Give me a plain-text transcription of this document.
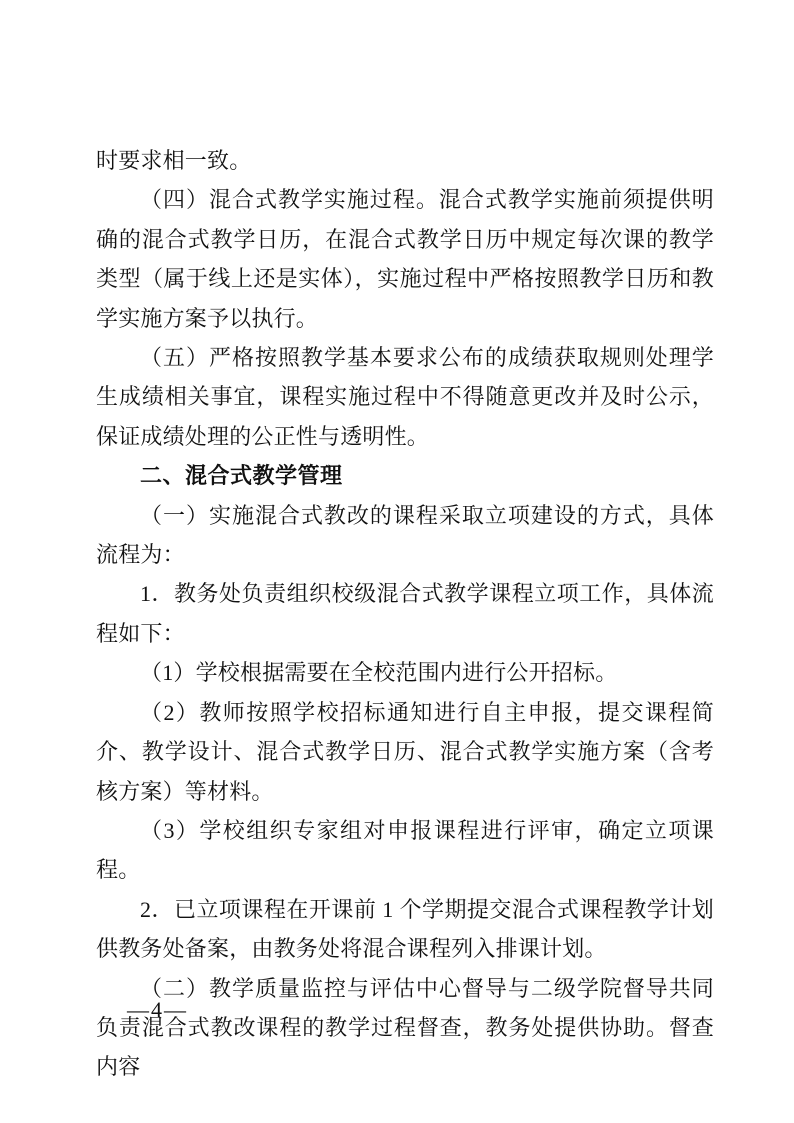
时要求相一致。

（四）混合式教学实施过程。混合式教学实施前须提供明确的混合式教学日历，在混合式教学日历中规定每次课的教学类型（属于线上还是实体），实施过程中严格按照教学日历和教学实施方案予以执行。

（五）严格按照教学基本要求公布的成绩获取规则处理学生成绩相关事宜，课程实施过程中不得随意更改并及时公示，保证成绩处理的公正性与透明性。

二、混合式教学管理

（一）实施混合式教改的课程采取立项建设的方式，具体流程为：

1．教务处负责组织校级混合式教学课程立项工作，具体流程如下：

（1）学校根据需要在全校范围内进行公开招标。

（2）教师按照学校招标通知进行自主申报，提交课程简介、教学设计、混合式教学日历、混合式教学实施方案（含考核方案）等材料。

（3）学校组织专家组对申报课程进行评审，确定立项课程。

2．已立项课程在开课前 1 个学期提交混合式课程教学计划供教务处备案，由教务处将混合课程列入排课计划。

（二）教学质量监控与评估中心督导与二级学院督导共同负责混合式教改课程的教学过程督查，教务处提供协助。督查内容

—4—
